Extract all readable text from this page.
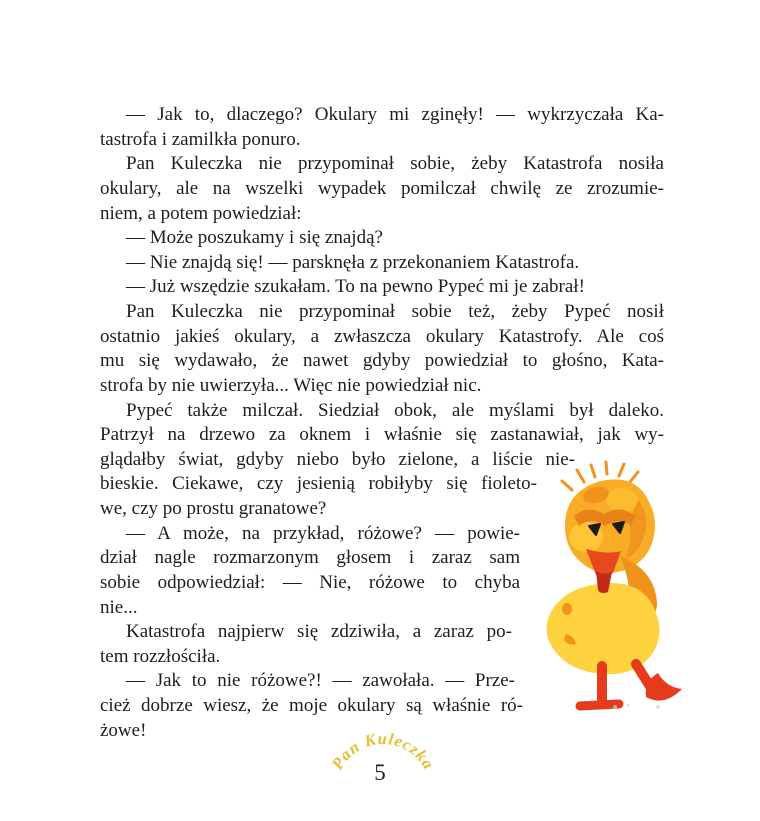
— Jak to, dlaczego? Okulary mi zginęły! — wykrzyczała Ka-
tastrofa i zamilkła ponuro.
Pan Kuleczka nie przypominał sobie, żeby Katastrofa nosiła
okulary, ale na wszelki wypadek pomilczał chwilę ze zrozumie-
niem, a potem powiedział:
— Może poszukamy i się znajdą?
— Nie znajdą się! — parsknęła z przekonaniem Katastrofa.
— Już wszędzie szukałam. To na pewno Pypeć mi je zabrał!
Pan Kuleczka nie przypominał sobie też, żeby Pypeć nosił
ostatnio jakieś okulary, a zwłaszcza okulary Katastrofy. Ale coś
mu się wydawało, że nawet gdyby powiedział to głośno, Kata-
strofa by nie uwierzyła... Więc nie powiedział nic.
Pypeć także milczał. Siedział obok, ale myślami był daleko.
Patrzył na drzewo za oknem i właśnie się zastanawiał, jak wy-
glądałby świat, gdyby niebo było zielone, a liście nie-
bieskie. Ciekawe, czy jesienią robiłyby się fioleto-
we, czy po prostu granatowe?
— A może, na przykład, różowe? — powie-
dział nagle rozmarzonym głosem i zaraz sam
sobie odpowiedział: — Nie, różowe to chyba
nie...
Katastrofa najpierw się zdziwiła, a zaraz po-
tem rozzłościła.
— Jak to nie różowe?! — zawołała. — Prze-
cież dobrze wiesz, że moje okulary są właśnie ró-
żowe!
Pan Kuleczka
5
